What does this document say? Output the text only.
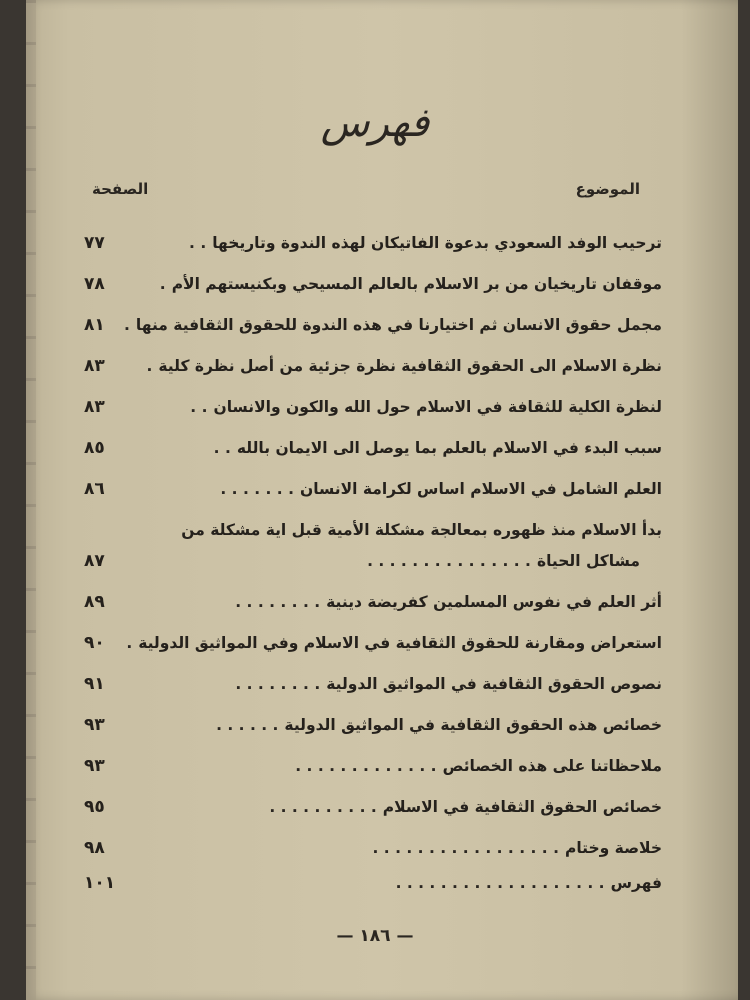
فهرس
الموضوع
الصفحة
ترحيب الوفد السعودي بدعوة الفاتيكان لهذه الندوة وتاريخها. .
٧٧
موقفان تاريخيان من بر الاسلام بالعالم المسيحي وبكنيستهم الأم.
٧٨
مجمل حقوق الانسان ثم اختيارنا في هذه الندوة للحقوق الثقافية منها.
٨١
نظرة الاسلام الى الحقوق الثقافية نظرة جزئية من أصل نظرة كلية.
٨٣
لنظرة الكلية للثقافة في الاسلام حول الله والكون والانسان. .
٨٣
سبب البدء في الاسلام بالعلم بما يوصل الى الايمان بالله. .
٨٥
العلم الشامل في الاسلام اساس لكرامة الانسان. . . . . . .
٨٦
بدأ الاسلام منذ ظهوره بمعالجة مشكلة الأمية قبل اية مشكلة من
مشاكل الحياة. . . . . . . . . . . . . . .
٨٧
أثر العلم في نفوس المسلمين كفريضة دينية. . . . . . . .
٨٩
استعراض ومقارنة للحقوق الثقافية في الاسلام وفي المواثيق الدولية.
٩٠
نصوص الحقوق الثقافية في المواثيق الدولية. . . . . . . .
٩١
خصائص هذه الحقوق الثقافية في المواثيق الدولية. . . . . .
٩٣
ملاحظاتنا على هذه الخصائص. . . . . . . . . . . . .
٩٣
خصائص الحقوق الثقافية في الاسلام. . . . . . . . . .
٩٥
خلاصة وختام. . . . . . . . . . . . . . . . .
٩٨
فهرس. . . . . . . . . . . . . . . . . . .
١٠١
— ١٨٦ —
